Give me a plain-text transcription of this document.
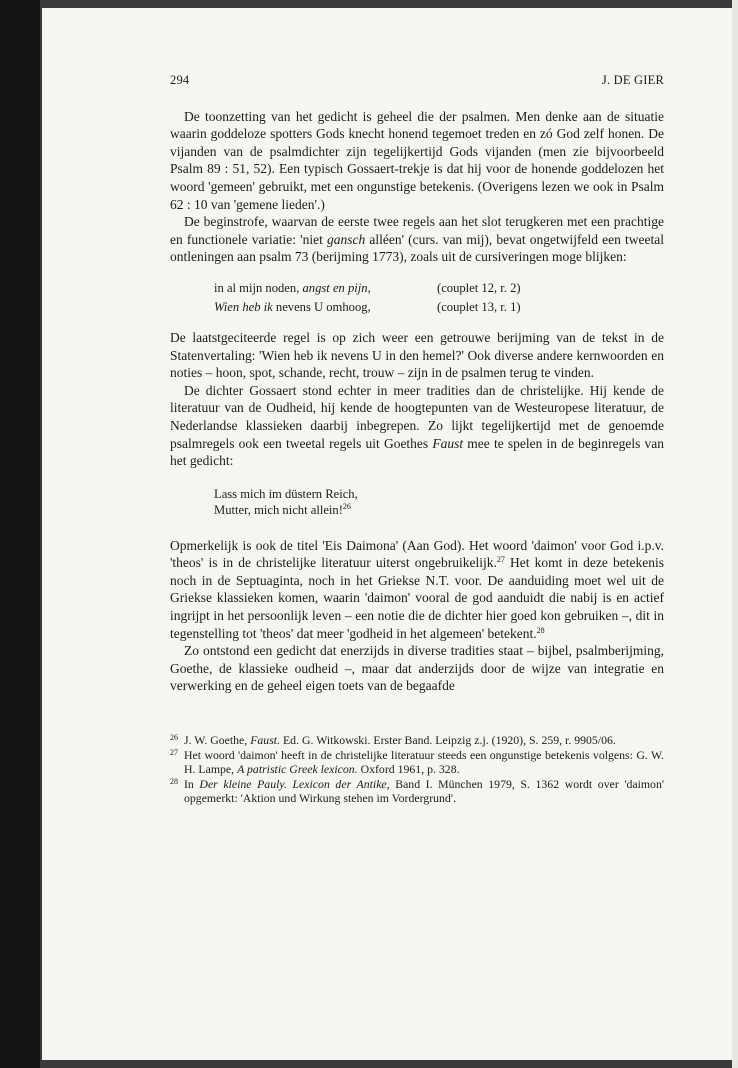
294	J. DE GIER

De toonzetting van het gedicht is geheel die der psalmen. Men denke aan de situatie waarin goddeloze spotters Gods knecht honend tegemoet treden en zó God zelf honen. De vijanden van de psalmdichter zijn tegelijkertijd Gods vijanden (men zie bijvoorbeeld Psalm 89 : 51, 52). Een typisch Gossaert-trekje is dat hij voor de honende goddelozen het woord 'gemeen' gebruikt, met een ongunstige betekenis. (Overigens lezen we ook in Psalm 62 : 10 van 'gemene lieden'.)

De beginstrofe, waarvan de eerste twee regels aan het slot terugkeren met een prachtige en functionele variatie: 'niet gansch alléen' (curs. van mij), bevat ongetwijfeld een tweetal ontleningen aan psalm 73 (berijming 1773), zoals uit de cursiveringen moge blijken:

in al mijn noden, angst en pijn,	(couplet 12, r. 2)
Wien heb ik nevens U omhoog,	(couplet 13, r. 1)

De laatstgeciteerde regel is op zich weer een getrouwe berijming van de tekst in de Statenvertaling: 'Wien heb ik nevens U in den hemel?' Ook diverse andere kernwoorden en noties – hoon, spot, schande, recht, trouw – zijn in de psalmen terug te vinden.

De dichter Gossaert stond echter in meer tradities dan de christelijke. Hij kende de literatuur van de Oudheid, hij kende de hoogtepunten van de Westeuropese literatuur, de Nederlandse klassieken daarbij inbegrepen. Zo lijkt tegelijkertijd met de genoemde psalmregels ook een tweetal regels uit Goethes Faust mee te spelen in de beginregels van het gedicht:

Lass mich im düstern Reich,
Mutter, mich nicht allein!$^{26}$

Opmerkelijk is ook de titel 'Eis Daimona' (Aan God). Het woord 'daimon' voor God i.p.v. 'theos' is in de christelijke literatuur uiterst ongebruikelijk.$^{27}$ Het komt in deze betekenis noch in de Septuaginta, noch in het Griekse N.T. voor. De aanduiding moet wel uit de Griekse klassieken komen, waarin 'daimon' vooral de god aanduidt die nabij is en actief ingrijpt in het persoonlijk leven – een notie die de dichter hier goed kon gebruiken –, dit in tegenstelling tot 'theos' dat meer 'godheid in het algemeen' betekent.$^{28}$

Zo ontstond een gedicht dat enerzijds in diverse tradities staat – bijbel, psalmberijming, Goethe, de klassieke oudheid –, maar dat anderzijds door de wijze van integratie en verwerking en de geheel eigen toets van de begaafde

26 J. W. Goethe, Faust. Ed. G. Witkowski. Erster Band. Leipzig z.j. (1920), S. 259, r. 9905/06.
27 Het woord 'daimon' heeft in de christelijke literatuur steeds een ongunstige betekenis volgens: G. W. H. Lampe, A patristic Greek lexicon. Oxford 1961, p. 328.
28 In Der kleine Pauly. Lexicon der Antike, Band I. München 1979, S. 1362 wordt over 'daimon' opgemerkt: 'Aktion und Wirkung stehen im Vordergrund'.
